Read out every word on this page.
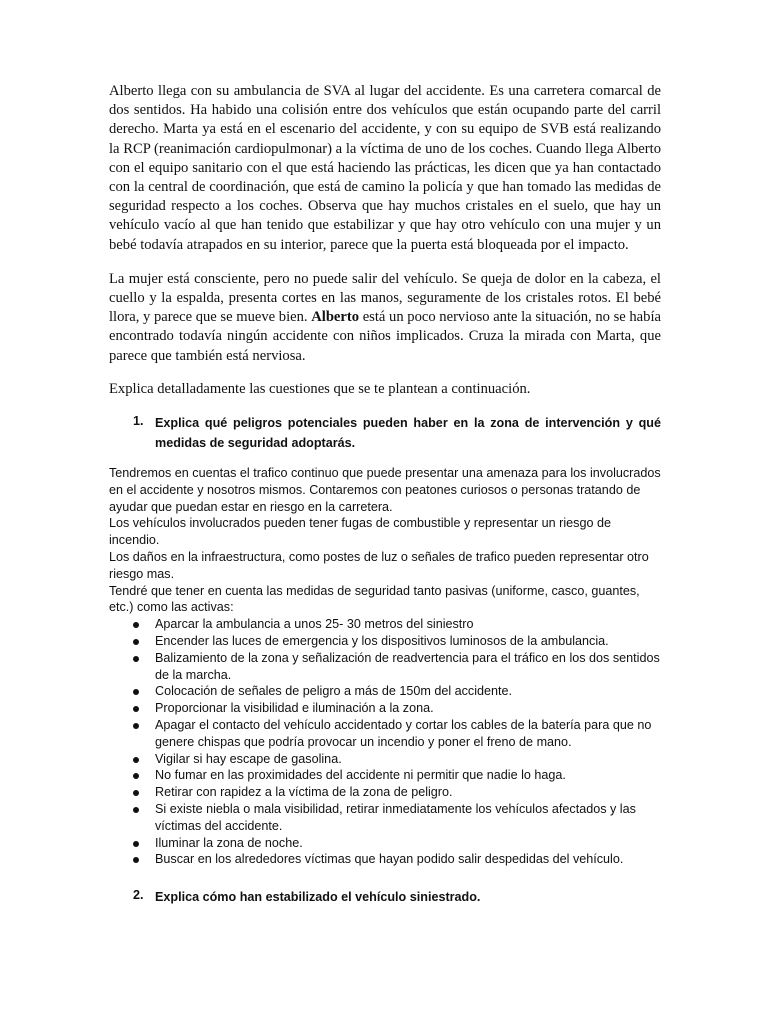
Alberto llega con su ambulancia de SVA al lugar del accidente. Es una carretera comarcal de dos sentidos. Ha habido una colisión entre dos vehículos que están ocupando parte del carril derecho. Marta ya está en el escenario del accidente, y con su equipo de SVB está realizando la RCP (reanimación cardiopulmonar) a la víctima de uno de los coches. Cuando llega Alberto con el equipo sanitario con el que está haciendo las prácticas, les dicen que ya han contactado con la central de coordinación, que está de camino la policía y que han tomado las medidas de seguridad respecto a los coches. Observa que hay muchos cristales en el suelo, que hay un vehículo vacío al que han tenido que estabilizar y que hay otro vehículo con una mujer y un bebé todavía atrapados en su interior, parece que la puerta está bloqueada por el impacto.

La mujer está consciente, pero no puede salir del vehículo. Se queja de dolor en la cabeza, el cuello y la espalda, presenta cortes en las manos, seguramente de los cristales rotos. El bebé llora, y parece que se mueve bien. Alberto está un poco nervioso ante la situación, no se había encontrado todavía ningún accidente con niños implicados. Cruza la mirada con Marta, que parece que también está nerviosa.

Explica detalladamente las cuestiones que se te plantean a continuación.

1. Explica qué peligros potenciales pueden haber en la zona de intervención y qué medidas de seguridad adoptarás.

Tendremos en cuentas el trafico continuo que puede presentar una amenaza para los involucrados en el accidente y nosotros mismos. Contaremos con peatones curiosos o personas tratando de ayudar que puedan estar en riesgo en la carretera.

Los vehículos involucrados pueden tener fugas de combustible y representar un riesgo de incendio.

Los daños en la infraestructura, como postes de luz o señales de trafico pueden representar otro riesgo mas.

Tendré que tener en cuenta las medidas de seguridad tanto pasivas (uniforme, casco, guantes, etc.) como las activas:

Aparcar la ambulancia a unos 25- 30 metros del siniestro
Encender las luces de emergencia y los dispositivos luminosos de la ambulancia.
Balizamiento de la zona y señalización de readvertencia para el tráfico en los dos sentidos de la marcha.
Colocación de señales de peligro a más de 150m del accidente.
Proporcionar la visibilidad e iluminación a la zona.
Apagar el contacto del vehículo accidentado y cortar los cables de la batería para que no genere chispas que podría provocar un incendio y poner el freno de mano.
Vigilar si hay escape de gasolina.
No fumar en las proximidades del accidente ni permitir que nadie lo haga.
Retirar con rapidez a la víctima de la zona de peligro.
Si existe niebla o mala visibilidad, retirar inmediatamente los vehículos afectados y las víctimas del accidente.
Iluminar la zona de noche.
Buscar en los alrededores víctimas que hayan podido salir despedidas del vehículo.
2. Explica cómo han estabilizado el vehículo siniestrado.
